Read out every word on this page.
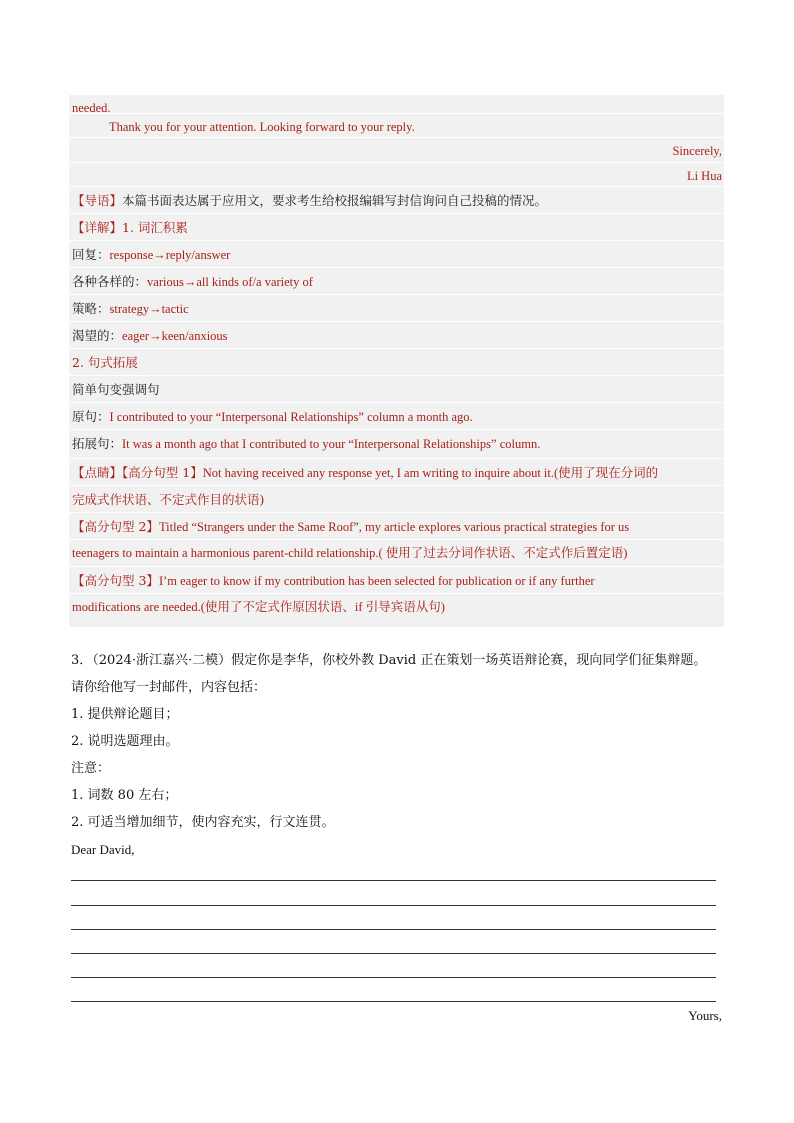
needed.
Thank you for your attention. Looking forward to your reply.
Sincerely,
Li Hua
【导语】本篇书面表达属于应用文，要求考生给校报编辑写封信询问自己投稿的情况。
【详解】1. 词汇积累
回复：response→reply/answer
各种各样的：various→all kinds of/a variety of
策略：strategy→tactic
渴望的：eager→keen/anxious
2. 句式拓展
简单句变强调句
原句：I contributed to your “Interpersonal Relationships” column a month ago.
拓展句：It was a month ago that I contributed to your “Interpersonal Relationships” column.
【点睛】【高分句型 1】Not having received any response yet, I am writing to inquire about it.(使用了现在分词的
完成式作状语、不定式作目的状语)
【高分句型 2】Titled “Strangers under the Same Roof”, my article explores various practical strategies for us
teenagers to maintain a harmonious parent-child relationship.( 使用了过去分词作状语、不定式作后置定语)
【高分句型 3】I’m eager to know if my contribution has been selected for publication or if any further
modifications are needed.(使用了不定式作原因状语、if 引导宾语从句)
3．（2024·浙江嘉兴·二模）假定你是李华，你校外教 David 正在策划一场英语辩论赛，现向同学们征集辩题。
请你给他写一封邮件，内容包括：
1. 提供辩论题目；
2. 说明选题理由。
注意：
1. 词数 80 左右；
2. 可适当增加细节，使内容充实，行文连贯。
Dear David,
Yours,
